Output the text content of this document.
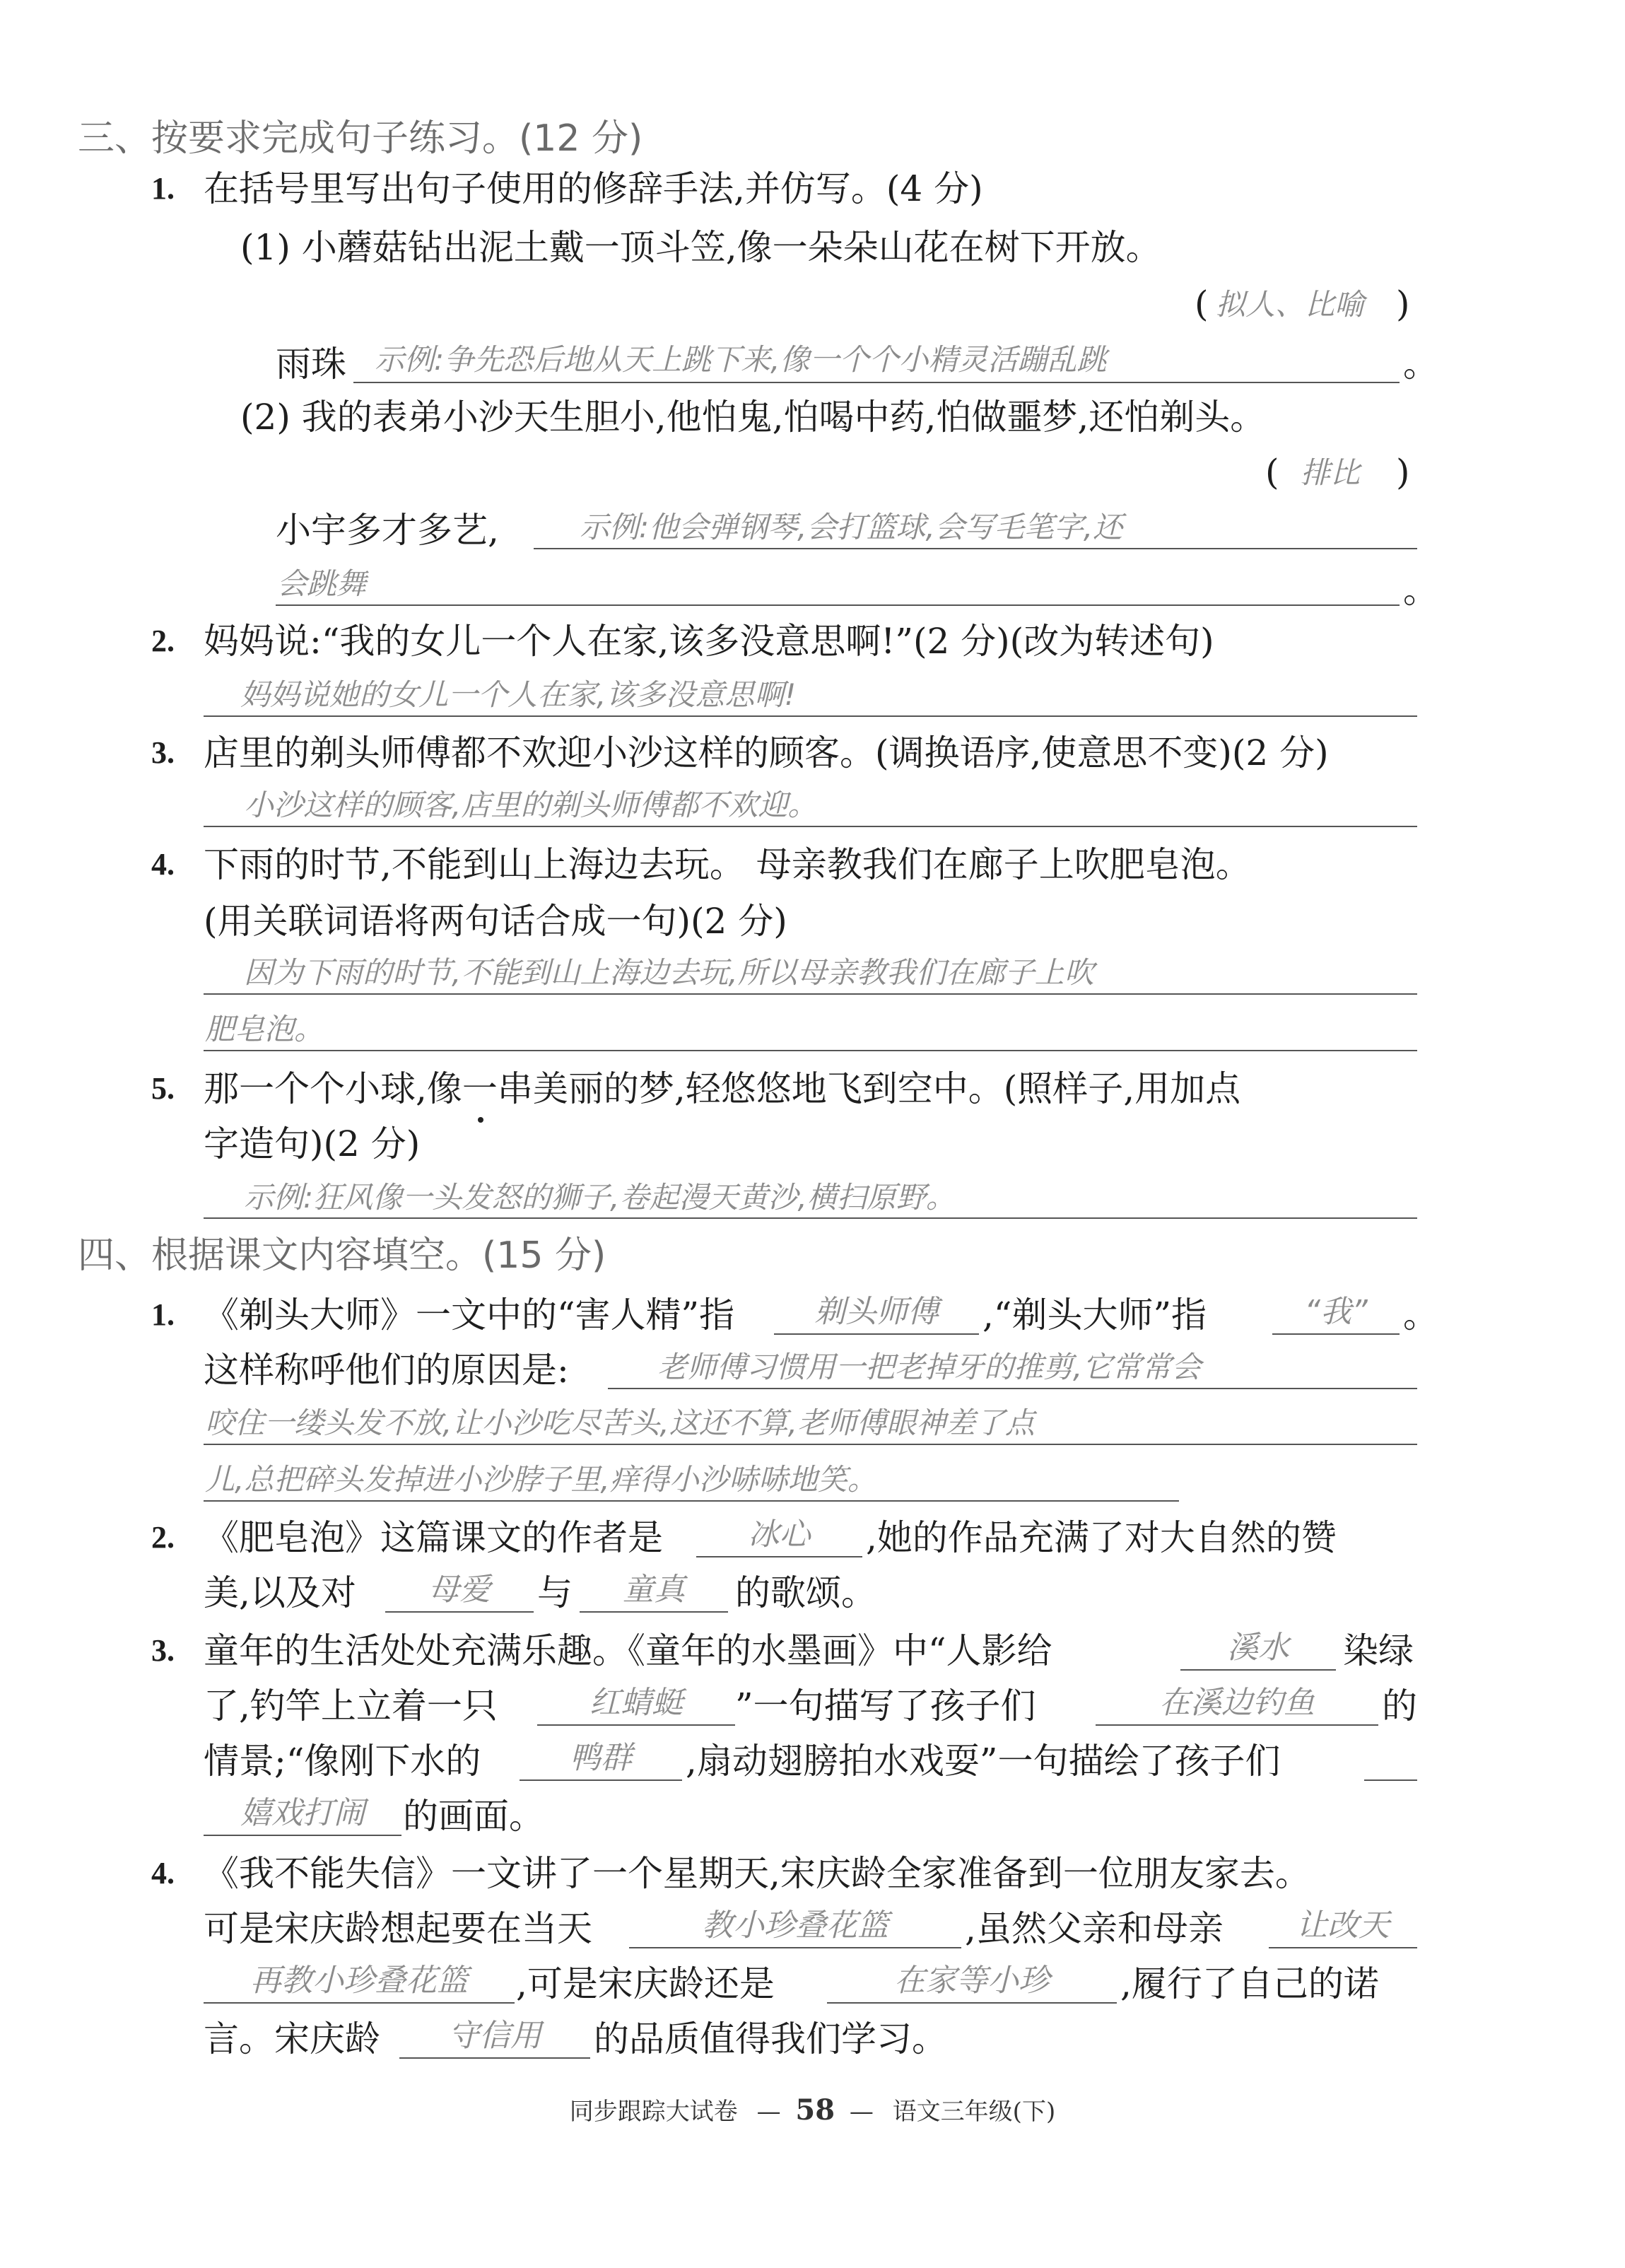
三、按要求完成句子练习。(12 分)
1. 在括号里写出句子使用的修辞手法,并仿写。(4 分)
(1) 小蘑菇钻出泥土戴一顶斗笠,像一朵朵山花在树下开放。
( 拟人、比喻 )
雨珠 示例:争先恐后地从天上跳下来,像一个个小精灵活蹦乱跳	。
(2) 我的表弟小沙天生胆小,他怕鬼,怕喝中药,怕做噩梦,还怕剃头。
( 排比 )
小宇多才多艺,	示例:他会弹钢琴,会打篮球,会写毛笔字,还
会跳舞	。
2. 妈妈说:“我的女儿一个人在家,该多没意思啊!”(2 分)(改为转述句)
妈妈说她的女儿一个人在家,该多没意思啊!
3. 店里的剃头师傅都不欢迎小沙这样的顾客。(调换语序,使意思不变)(2 分)
小沙这样的顾客,店里的剃头师傅都不欢迎。
4. 下雨的时节,不能到山上海边去玩。 母亲教我们在廊子上吹肥皂泡。
(用关联词语将两句话合成一句)(2 分)
因为下雨的时节,不能到山上海边去玩,所以母亲教我们在廊子上吹
肥皂泡。
5. 那一个个小球,像一串美丽的梦,轻悠悠地飞到空中。(照样子,用加点
字造句)(2 分)
示例:狂风像一头发怒的狮子,卷起漫天黄沙,横扫原野。
四、根据课文内容填空。(15 分)
1. 《剃头大师》一文中的“害人精”指	剃头师傅	,“剃头大师”指	“我”	。
这样称呼他们的原因是:	老师傅习惯用一把老掉牙的推剪,它常常会
咬住一缕头发不放,让小沙吃尽苦头,这还不算,老师傅眼神差了点
儿,总把碎头发掉进小沙脖子里,痒得小沙哧哧地笑。
2. 《肥皂泡》这篇课文的作者是	冰心	,她的作品充满了对大自然的赞
美,以及对	母爱	与	童真	的歌颂。
3. 童年的生活处处充满乐趣。《童年的水墨画》中“人影给	溪水	染绿
了,钓竿上立着一只	红蜻蜓	”一句描写了孩子们	在溪边钓鱼	的
情景;“像刚下水的	鸭群	,扇动翅膀拍水戏耍”一句描绘了孩子们
嬉戏打闹	的画面。
4. 《我不能失信》一文讲了一个星期天,宋庆龄全家准备到一位朋友家去。
可是宋庆龄想起要在当天	教小珍叠花篮	,虽然父亲和母亲	让改天
再教小珍叠花篮	,可是宋庆龄还是	在家等小珍	,履行了自己的诺
言。宋庆龄	守信用	的品质值得我们学习。
同步跟踪大试卷 — 58 — 语文三年级(下)
